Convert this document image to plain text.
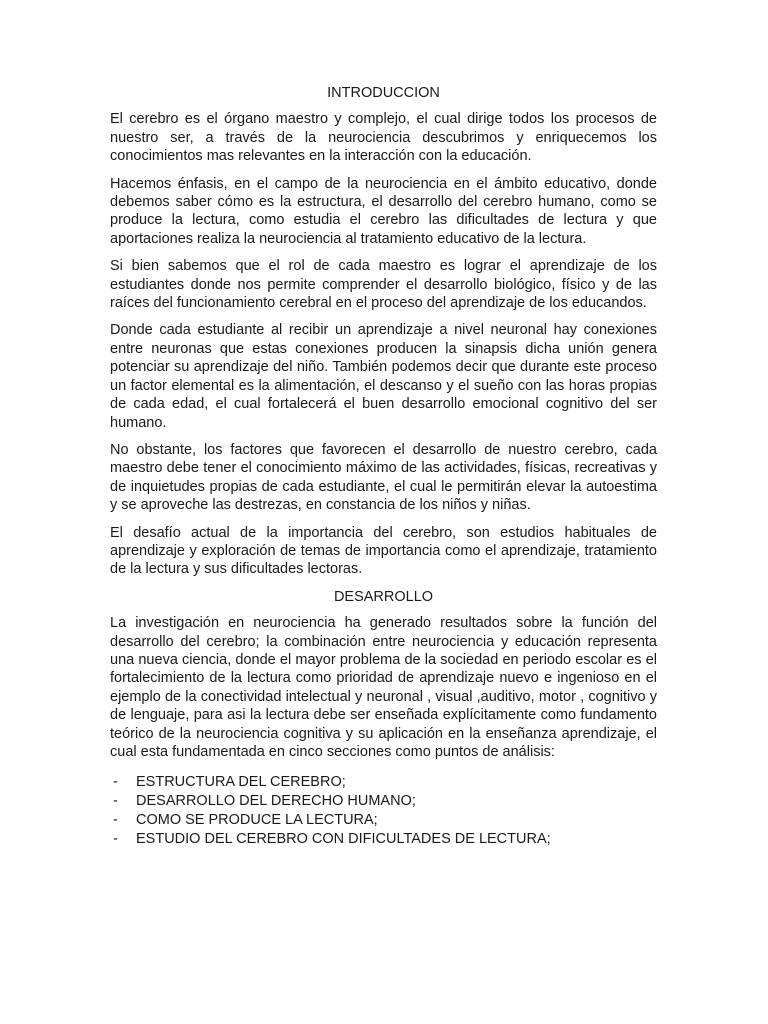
INTRODUCCION

El cerebro es el órgano maestro y complejo, el cual dirige todos los procesos de nuestro ser, a través de la neurociencia descubrimos y enriquecemos los conocimientos mas relevantes en la interacción con la educación.

Hacemos énfasis, en el campo de la neurociencia en el ámbito educativo, donde debemos saber cómo es la estructura, el desarrollo del cerebro humano, como se produce la lectura, como estudia el cerebro las dificultades de lectura y que aportaciones realiza la neurociencia al tratamiento educativo de la lectura.

Si bien sabemos que el rol de cada maestro es lograr el aprendizaje de los estudiantes donde nos permite comprender el desarrollo biológico, físico y de las raíces del funcionamiento cerebral en el proceso del aprendizaje de los educandos.

Donde cada estudiante al recibir un aprendizaje a nivel neuronal hay conexiones entre neuronas que estas conexiones producen la sinapsis dicha unión genera potenciar su aprendizaje del niño. También podemos decir que durante este proceso un factor elemental es la alimentación, el descanso y el sueño con las horas propias de cada edad, el cual fortalecerá el buen desarrollo emocional cognitivo del ser humano.

No obstante, los factores que favorecen el desarrollo de nuestro cerebro, cada maestro debe tener el conocimiento máximo de las actividades, físicas, recreativas y de inquietudes propias de cada estudiante, el cual le permitirán elevar la autoestima y se aproveche las destrezas, en constancia de los niños y niñas.

El desafío actual de la importancia del cerebro, son estudios habituales de aprendizaje y exploración de temas de importancia como el aprendizaje, tratamiento de la lectura y sus dificultades lectoras.

DESARROLLO

La investigación en neurociencia ha generado resultados sobre la función del desarrollo del cerebro; la combinación entre neurociencia y educación representa una nueva ciencia, donde el mayor problema de la sociedad en periodo escolar es el fortalecimiento de la lectura como prioridad de aprendizaje nuevo e ingenioso en el ejemplo de la conectividad intelectual y neuronal , visual ,auditivo, motor , cognitivo y de lenguaje, para asi la lectura debe ser enseñada explícitamente como fundamento teórico de la neurociencia cognitiva y su aplicación en la enseñanza aprendizaje, el cual esta fundamentada en cinco secciones como puntos de análisis:

- ESTRUCTURA DEL CEREBRO;
- DESARROLLO DEL DERECHO HUMANO;
- COMO SE PRODUCE LA LECTURA;
- ESTUDIO DEL CEREBRO CON DIFICULTADES DE LECTURA;
